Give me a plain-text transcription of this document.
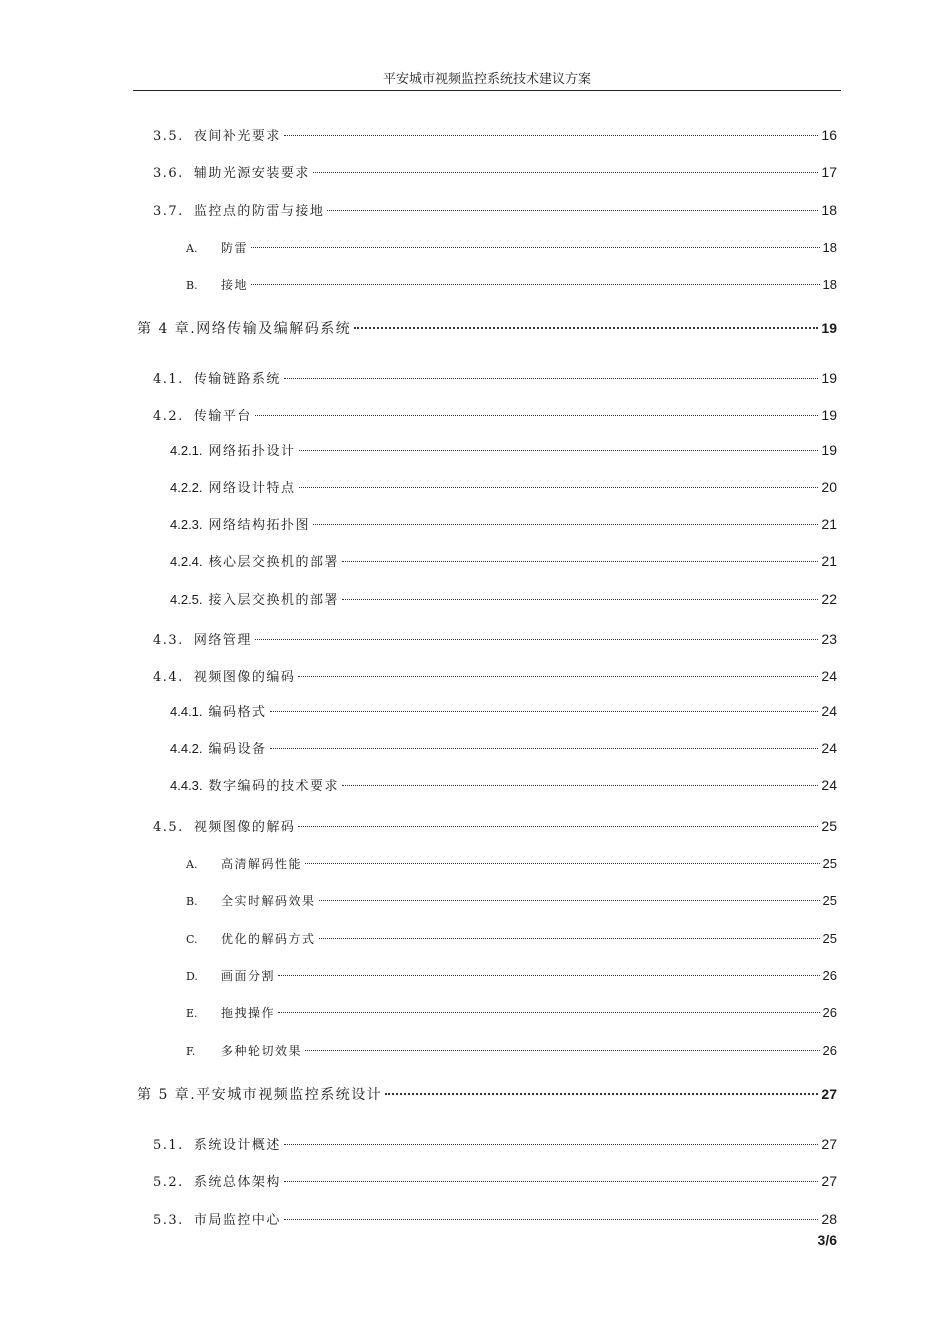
平安城市视频监控系统技术建议方案
3.5. 夜间补光要求	16
3.6. 辅助光源安装要求	17
3.7. 监控点的防雷与接地	18
A. 防雷	18
B. 接地	18
第 4 章.网络传输及编解码系统	19
4.1. 传输链路系统	19
4.2. 传输平台	19
4.2.1. 网络拓扑设计	19
4.2.2. 网络设计特点	20
4.2.3. 网络结构拓扑图	21
4.2.4. 核心层交换机的部署	21
4.2.5. 接入层交换机的部署	22
4.3. 网络管理	23
4.4. 视频图像的编码	24
4.4.1. 编码格式	24
4.4.2. 编码设备	24
4.4.3. 数字编码的技术要求	24
4.5. 视频图像的解码	25
A. 高清解码性能	25
B. 全实时解码效果	25
C. 优化的解码方式	25
D. 画面分割	26
E. 拖拽操作	26
F. 多种轮切效果	26
第 5 章.平安城市视频监控系统设计	27
5.1. 系统设计概述	27
5.2. 系统总体架构	27
5.3. 市局监控中心	28
3/6
